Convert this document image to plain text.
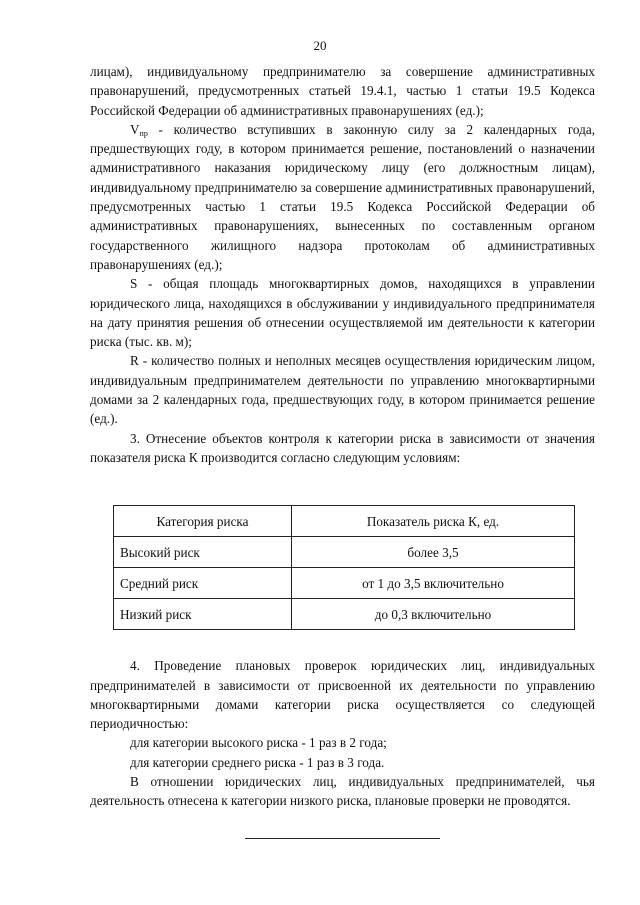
20

лицам), индивидуальному предпринимателю за совершение административных правонарушений, предусмотренных статьей 19.4.1, частью 1 статьи 19.5 Кодекса Российской Федерации об административных правонарушениях (ед.);

$V_{пр}$ - количество вступивших в законную силу за 2 календарных года, предшествующих году, в котором принимается решение, постановлений о назначении административного наказания юридическому лицу (его должностным лицам), индивидуальному предпринимателю за совершение административных правонарушений, предусмотренных частью 1 статьи 19.5 Кодекса Российской Федерации об административных правонарушениях, вынесенных по составленным органом государственного жилищного надзора протоколам об административных правонарушениях (ед.);

S - общая площадь многоквартирных домов, находящихся в управлении юридического лица, находящихся в обслуживании у индивидуального предпринимателя на дату принятия решения об отнесении осуществляемой им деятельности к категории риска (тыс. кв. м);

R - количество полных и неполных месяцев осуществления юридическим лицом, индивидуальным предпринимателем деятельности по управлению многоквартирными домами за 2 календарных года, предшествующих году, в котором принимается решение (ед.).

3. Отнесение объектов контроля к категории риска в зависимости от значения показателя риска К производится согласно следующим условиям:

Категория риска	Показатель риска К, ед.
Высокий риск	более 3,5
Средний риск	от 1 до 3,5 включительно
Низкий риск	до 0,3 включительно

4. Проведение плановых проверок юридических лиц, индивидуальных предпринимателей в зависимости от присвоенной их деятельности по управлению многоквартирными домами категории риска осуществляется со следующей периодичностью:

для категории высокого риска - 1 раз в 2 года;

для категории среднего риска - 1 раз в 3 года.

В отношении юридических лиц, индивидуальных предпринимателей, чья деятельность отнесена к категории низкого риска, плановые проверки не проводятся.
